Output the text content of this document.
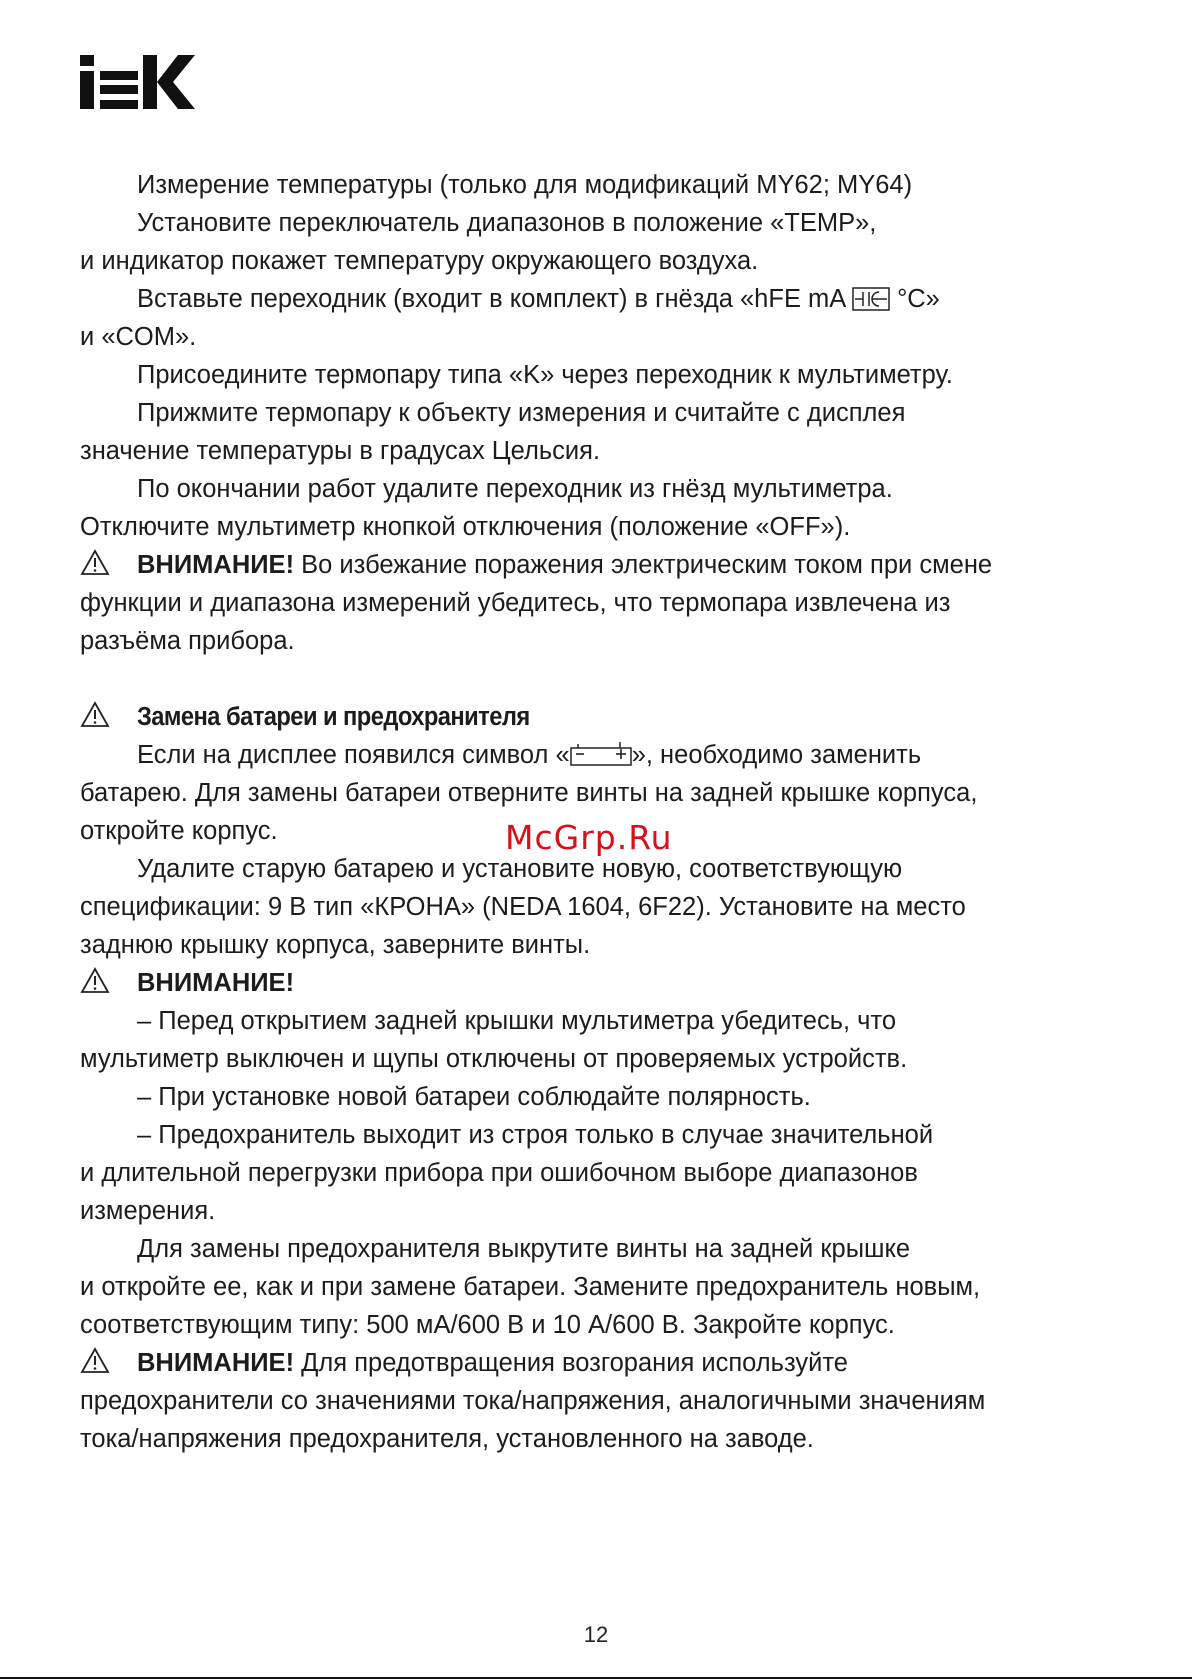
Измерение температуры (только для модификаций MY62; MY64)
Установите переключатель диапазонов в положение «TEMP»,
и индикатор покажет температуру окружающего воздуха.
Вставьте переходник (входит в комплект) в гнёзда «hFE mA °C»
и «COM».
Присоедините термопару типа «K» через переходник к мультиметру.
Прижмите термопару к объекту измерения и считайте с дисплея
значение температуры в градусах Цельсия.
По окончании работ удалите переходник из гнёзд мультиметра.
Отключите мультиметр кнопкой отключения (положение «OFF»).
ВНИМАНИЕ! Во избежание поражения электрическим током при смене
функции и диапазона измерений убедитесь, что термопара извлечена из
разъёма прибора.
Замена батареи и предохранителя
Если на дисплее появился символ « », необходимо заменить
батарею. Для замены батареи отверните винты на задней крышке корпуса,
откройте корпус.
Удалите старую батарею и установите новую, соответствующую
спецификации: 9 В тип «КРОНА» (NEDA 1604, 6F22). Установите на место
заднюю крышку корпуса, заверните винты.
ВНИМАНИЕ!
– Перед открытием задней крышки мультиметра убедитесь, что
мультиметр выключен и щупы отключены от проверяемых устройств.
– При установке новой батареи соблюдайте полярность.
– Предохранитель выходит из строя только в случае значительной
и длительной перегрузки прибора при ошибочном выборе диапазонов
измерения.
Для замены предохранителя выкрутите винты на задней крышке
и откройте ее, как и при замене батареи. Замените предохранитель новым,
соответствующим типу: 500 мА/600 В и 10 А/600 В. Закройте корпус.
ВНИМАНИЕ! Для предотвращения возгорания используйте
предохранители со значениями тока/напряжения, аналогичными значениям
тока/напряжения предохранителя, установленного на заводе.
McGrp.Ru
12
